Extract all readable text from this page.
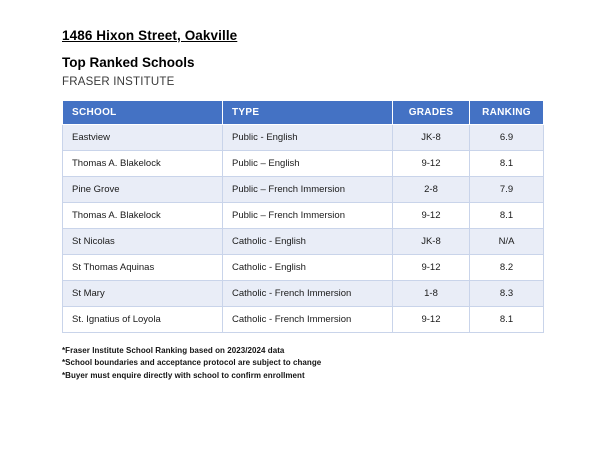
1486 Hixon Street, Oakville
Top Ranked Schools
FRASER INSTITUTE
SCHOOL	TYPE	GRADES	RANKING
Eastview	Public - English	JK-8	6.9
Thomas A. Blakelock	Public – English	9-12	8.1
Pine Grove	Public – French Immersion	2-8	7.9
Thomas A. Blakelock	Public – French Immersion	9-12	8.1
St Nicolas	Catholic - English	JK-8	N/A
St Thomas Aquinas	Catholic - English	9-12	8.2
St Mary	Catholic - French Immersion	1-8	8.3
St. Ignatius of Loyola	Catholic - French Immersion	9-12	8.1
*Fraser Institute School Ranking based on 2023/2024 data
*School boundaries and acceptance protocol are subject to change
*Buyer must enquire directly with school to confirm enrollment
